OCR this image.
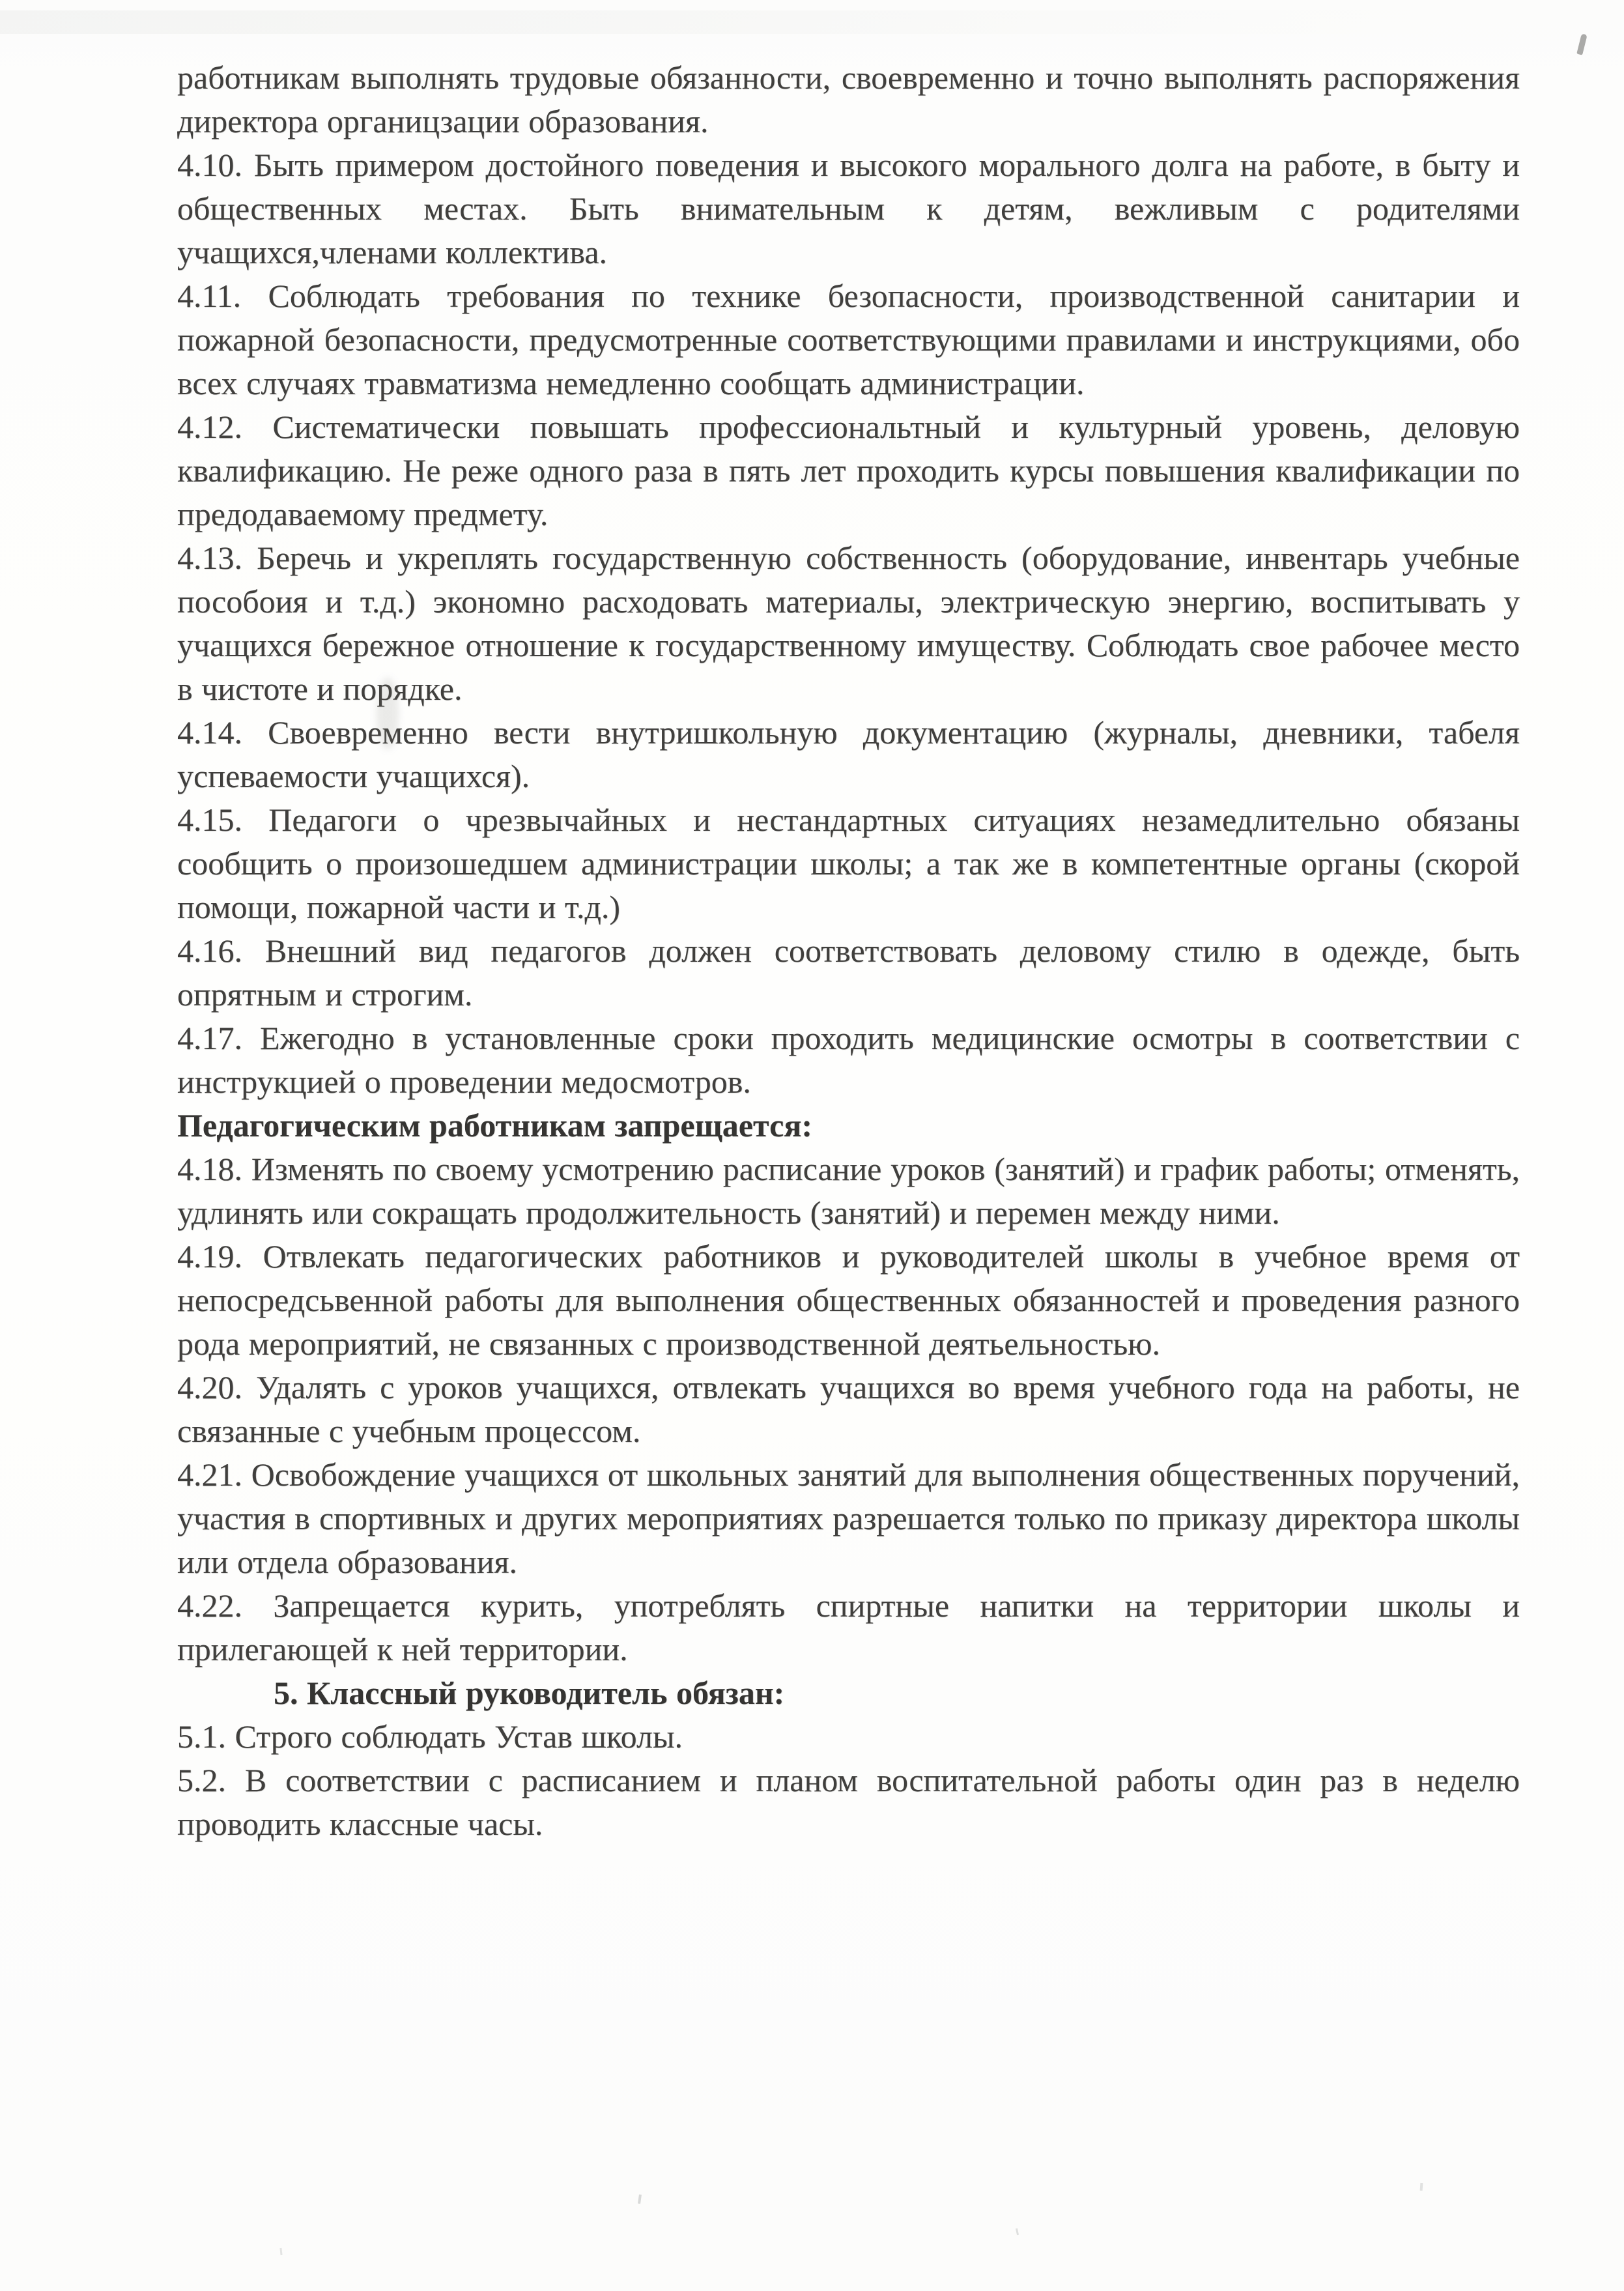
работникам выполнять трудовые обязанности, своевременно и точно выполнять распоряжения директора органицзации образования.

4.10. Быть примером достойного поведения и высокого морального долга на работе, в быту и общественных местах. Быть внимательным к детям, вежливым с родителями учащихся,членами коллектива.

4.11. Соблюдать требования по технике безопасности, производственной санитарии и пожарной безопасности, предусмотренные соответствующими правилами и инструкциями, обо всех случаях травматизма немедленно сообщать администрации.

4.12. Систематически повышать профессиональтный и культурный уровень, деловую квалификацию. Не реже одного раза в пять лет проходить курсы повышения квалификации по предодаваемому предмету.

4.13. Беречь и укреплять государственную собственность (оборудование, инвентарь учебные пособоия и т.д.) экономно расходовать материалы, электрическую энергию, воспитывать у учащихся бережное отношение к государственному имуществу. Соблюдать свое рабочее место в чистоте и порядке.

4.14. Своевременно вести внутришкольную документацию (журналы, дневники, табеля успеваемости учащихся).

4.15. Педагоги о чрезвычайных и нестандартных ситуациях незамедлительно обязаны сообщить о произошедшем администрации школы; а так же в компетентные органы (скорой помощи, пожарной части и т.д.)

4.16. Внешний вид педагогов должен соответствовать деловому стилю в одежде, быть опрятным и строгим.

4.17. Ежегодно в установленные сроки проходить медицинские осмотры в соответствии с инструкцией о проведении медосмотров.

Педагогическим работникам запрещается:

4.18. Изменять по своему усмотрению расписание уроков (занятий) и график работы; отменять, удлинять или сокращать продолжительность (занятий) и перемен между ними.

4.19. Отвлекать педагогических работников и руководителей школы в учебное время от непосредсьвенной работы для выполнения общественных обязанностей и проведения разного рода мероприятий, не связанных с производственной деятьельностью.

4.20. Удалять с уроков учащихся, отвлекать учащихся во время учебного года на работы, не связанные с учебным процессом.

4.21. Освобождение учащихся от школьных занятий для выполнения общественных поручений, участия в спортивных и других мероприятиях разрешается только по приказу директора школы или отдела образования.

4.22. Запрещается курить, употреблять спиртные напитки на территории школы и прилегающей к ней территории.

5. Классный руководитель обязан:

5.1. Строго соблюдать Устав школы.

5.2. В соответствии с расписанием и планом воспитательной работы один раз в неделю проводить классные часы.
